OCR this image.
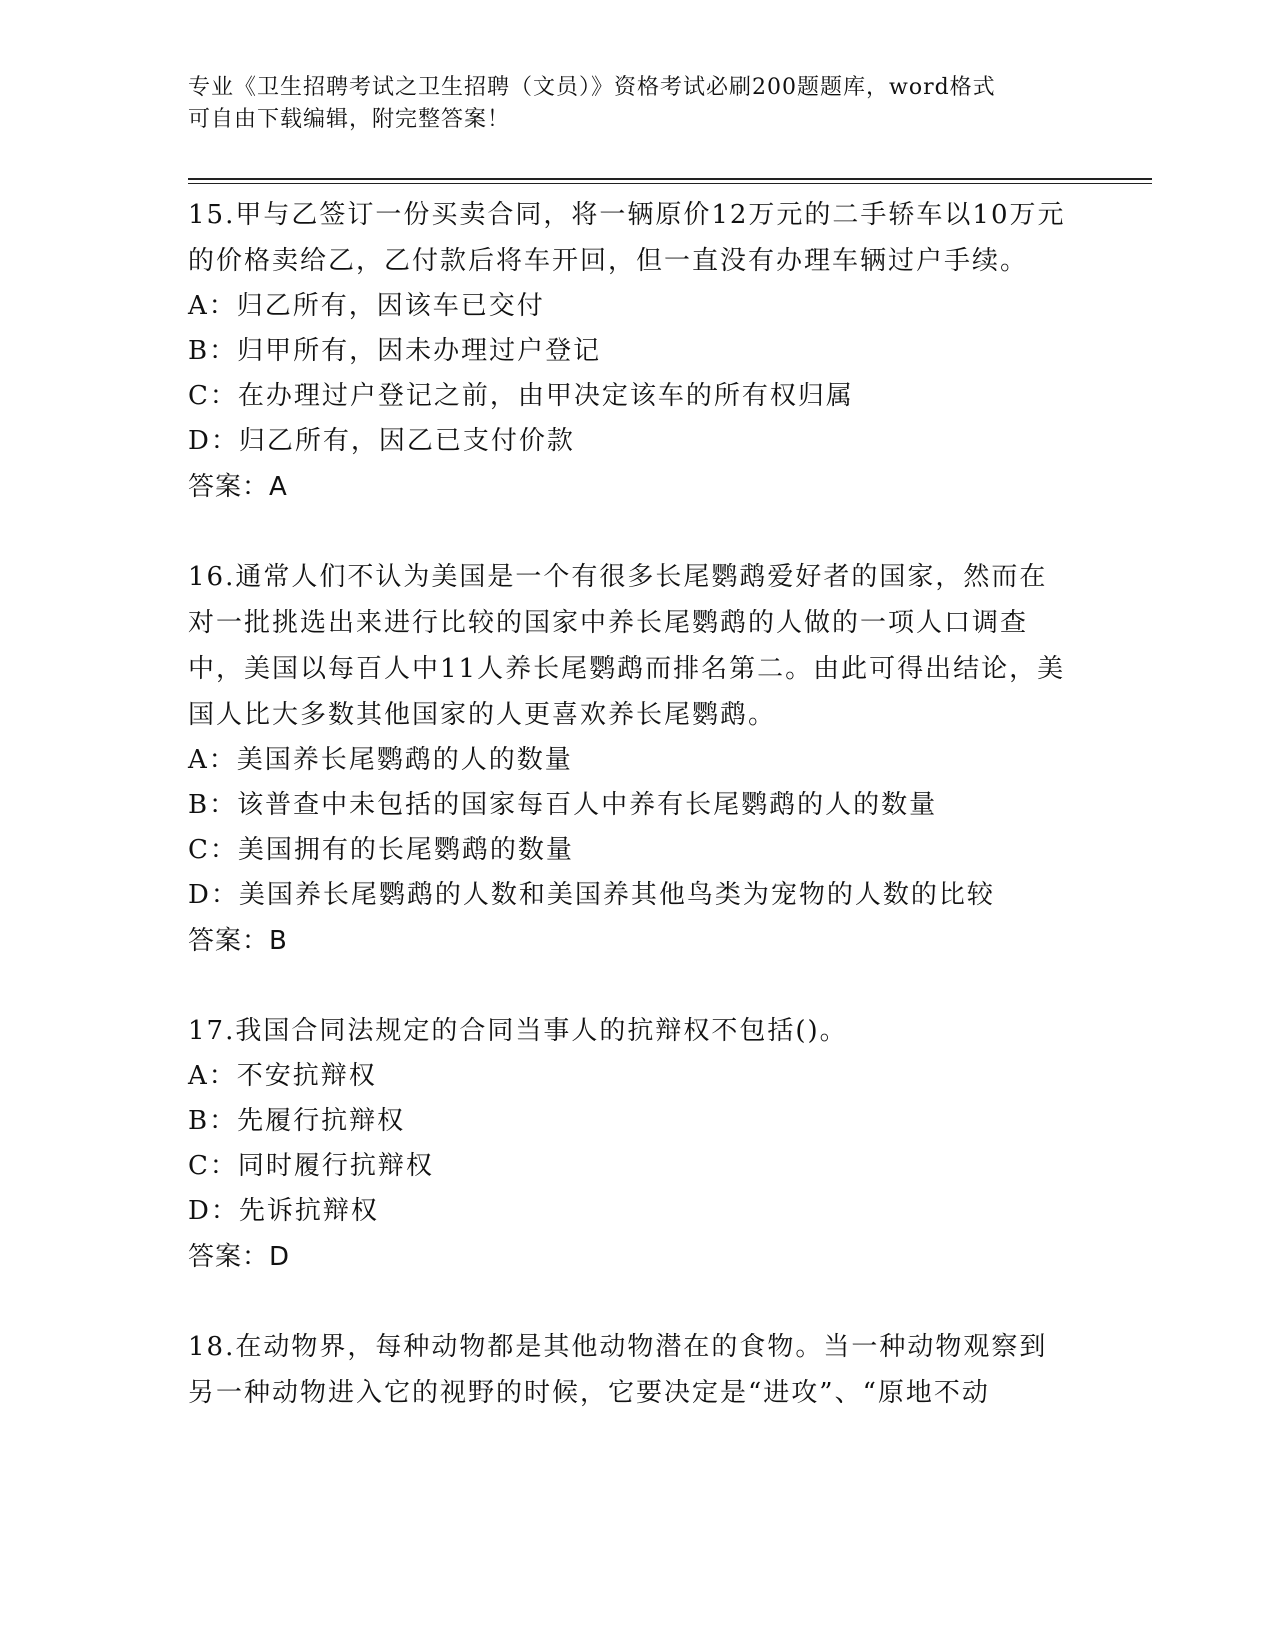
专业《卫生招聘考试之卫生招聘（文员）》资格考试必刷200题题库，word格式
可自由下载编辑，附完整答案！

15.甲与乙签订一份买卖合同，将一辆原价12万元的二手轿车以10万元的价格卖给乙，乙付款后将车开回，但一直没有办理车辆过户手续。

A：归乙所有，因该车已交付

B：归甲所有，因未办理过户登记

C：在办理过户登记之前，由甲决定该车的所有权归属

D：归乙所有，因乙已支付价款

答案：A

16.通常人们不认为美国是一个有很多长尾鹦鹉爱好者的国家，然而在对一批挑选出来进行比较的国家中养长尾鹦鹉的人做的一项人口调查中，美国以每百人中11人养长尾鹦鹉而排名第二。由此可得出结论，美国人比大多数其他国家的人更喜欢养长尾鹦鹉。

A：美国养长尾鹦鹉的人的数量

B：该普查中未包括的国家每百人中养有长尾鹦鹉的人的数量

C：美国拥有的长尾鹦鹉的数量

D：美国养长尾鹦鹉的人数和美国养其他鸟类为宠物的人数的比较

答案：B

17.我国合同法规定的合同当事人的抗辩权不包括()。

A：不安抗辩权

B：先履行抗辩权

C：同时履行抗辩权

D：先诉抗辩权

答案：D

18.在动物界，每种动物都是其他动物潜在的食物。当一种动物观察到另一种动物进入它的视野的时候，它要决定是“进攻”、“原地不动
